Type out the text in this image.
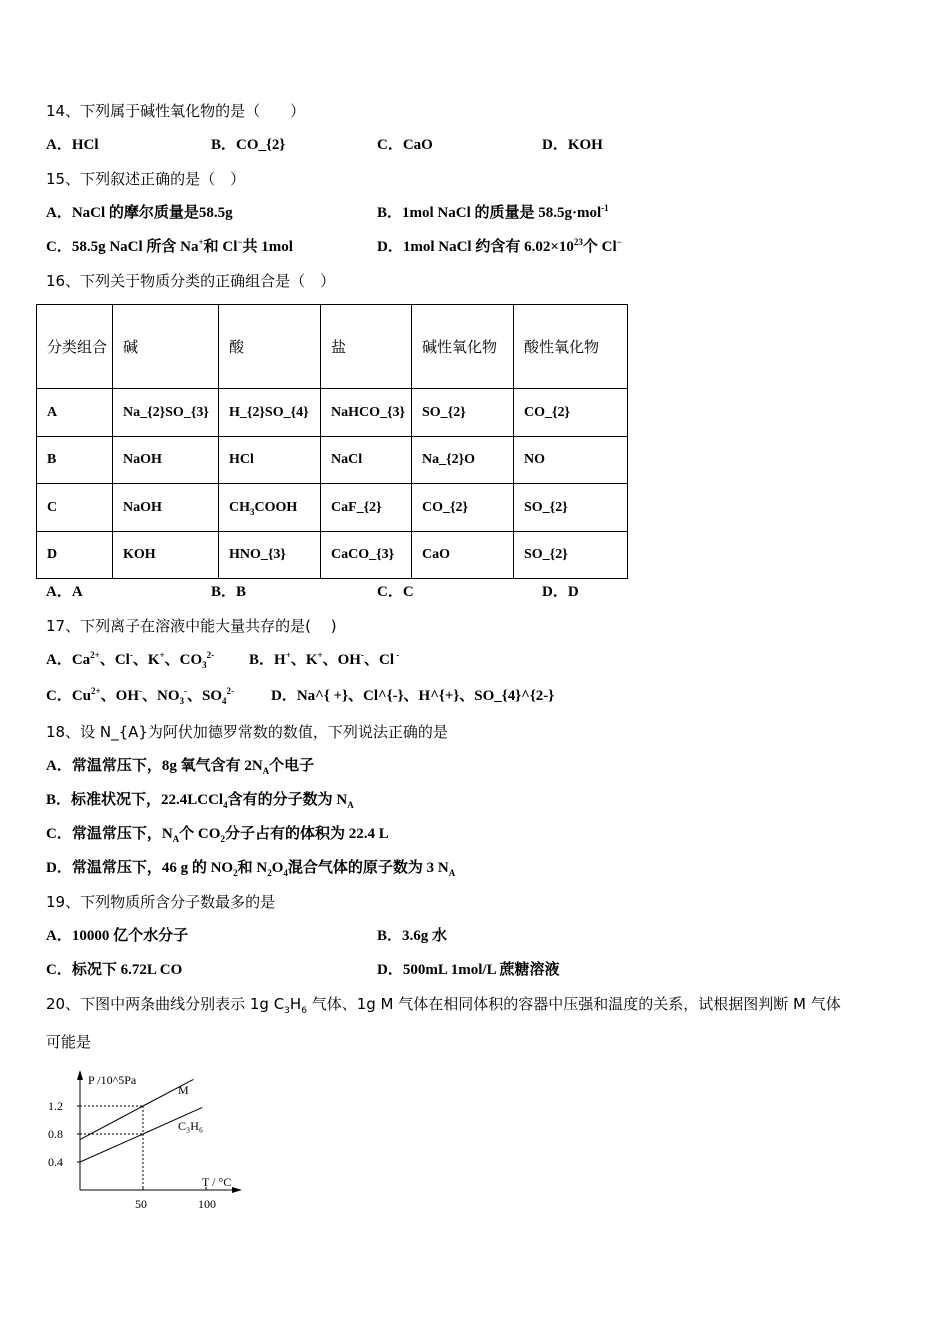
14、下列属于碱性氧化物的是（　　）
A．HCl	B．CO_{2}	C．CaO	D．KOH
15、下列叙述正确的是（　）
A．NaCl 的摩尔质量是58.5g	B．1mol NaCl 的质量是 58.5g·mol$^{-1}$
C．58.5g NaCl 所含 Na+和 Cl−共 1mol	D．1mol NaCl 约含有 $6.02\times 10^{23}$个 Cl−
16、下列关于物质分类的正确组合是（　）
分类组合	碱	酸	盐	碱性氧化物	酸性氧化物
A	Na_{2}SO_{3}	H_{2}SO_{4}	NaHCO_{3}	SO_{2}	CO_{2}
B	NaOH	HCl	NaCl	Na_{2}O	NO
C	NaOH	$CH_3COOH$	CaF_{2}	CO_{2}	SO_{2}
D	KOH	HNO_{3}	CaCO_{3}	CaO	SO_{2}
A．A	B．B	C．C	D．D
17、下列离子在溶液中能大量共存的是(　 )
A．$Ca^{2+}$、Cl-、K+、$CO_3^{2-}$ B．H+、K+、OH-、Cl -
C．$Cu^{2+}$、OH-、$NO_3^-$、$SO_4^{2-}$ D．Na^{ +}、Cl^{-}、H^{+}、SO_{4}^{2-}
18、设 N_{A}为阿伏加德罗常数的数值，下列说法正确的是
A．常温常压下，8g 氧气含有 $2N_A$个电子
B．标准状况下，22.4LCCl$_4$含有的分子数为 $N_A$
C．常温常压下，$N_A$个 $CO_2$分子占有的体积为 22.4 L
D．常温常压下，46 g 的 $NO_2$和 $N_2O_4$混合气体的原子数为 3 $N_A$
19、下列物质所含分子数最多的是
A．10000 亿个水分子	B．3.6g 水
C．标况下 6.72L CO	D．500mL 1mol/L 蔗糖溶液
20、下图中两条曲线分别表示 1g $C_3H_6$ 气体、1g M 气体在相同体积的容器中压强和温度的关系，试根据图判断 M 气体
可能是
P /10^5Pa
T / °C
1.2
0.8
0.4
50	100
M
C₃H₆
